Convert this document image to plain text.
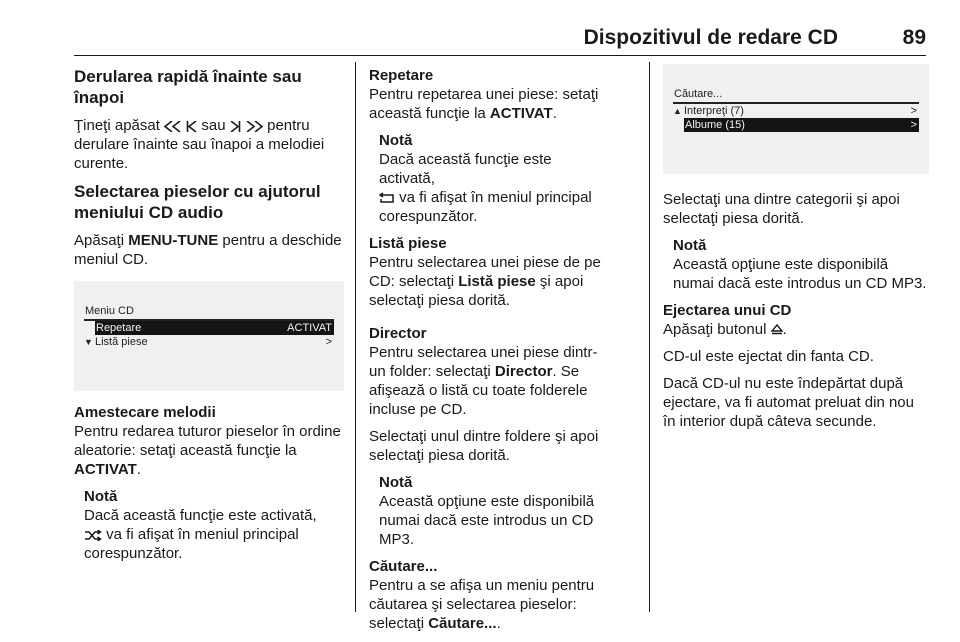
Dispozitivul de redare CD	89
Derularea rapidă înainte sau înapoi

Ţineţi apăsat	sau	pentru derulare înainte sau înapoi a melodiei curente.

Selectarea pieselor cu ajutorul meniului CD audio

Apăsaţi MENU-TUNE pentru a deschide meniul CD.

Meniu CD
▲ Repetare	ACTIVAT
▼ Listă piese	>
Amestecare melodii

Pentru redarea tuturor pieselor în ordine aleatorie: setaţi această funcţie la ACTIVAT.

Notă
Dacă această funcţie este activată,
va fi afişat în meniul principal corespunzător.
Repetare

Pentru repetarea unei piese: setaţi această funcţie la ACTIVAT.

Notă
Dacă această funcţie este activată,
va fi afişat în meniul principal corespunzător.
Listă piese

Pentru selectarea unei piese de pe CD: selectaţi Listă piese şi apoi selectaţi piesa dorită.

Director

Pentru selectarea unei piese dintr-un folder: selectaţi Director. Se afişează o listă cu toate folderele incluse pe CD.

Selectaţi unul dintre foldere şi apoi selectaţi piesa dorită.

Notă
Această opţiune este disponibilă numai dacă este introdus un CD MP3.
Căutare...

Pentru a se afişa un meniu pentru căutarea şi selectarea pieselor: selectaţi Căutare....

Căutare...
▲ Interpreţi (7)	>
▼ Albume (15)	>

Selectaţi una dintre categorii şi apoi selectaţi piesa dorită.

Notă
Această opţiune este disponibilă numai dacă este introdus un CD MP3.
Ejectarea unui CD

Apăsaţi butonul .

CD-ul este ejectat din fanta CD.

Dacă CD-ul nu este îndepărtat după ejectare, va fi automat preluat din nou în interior după câteva secunde.
